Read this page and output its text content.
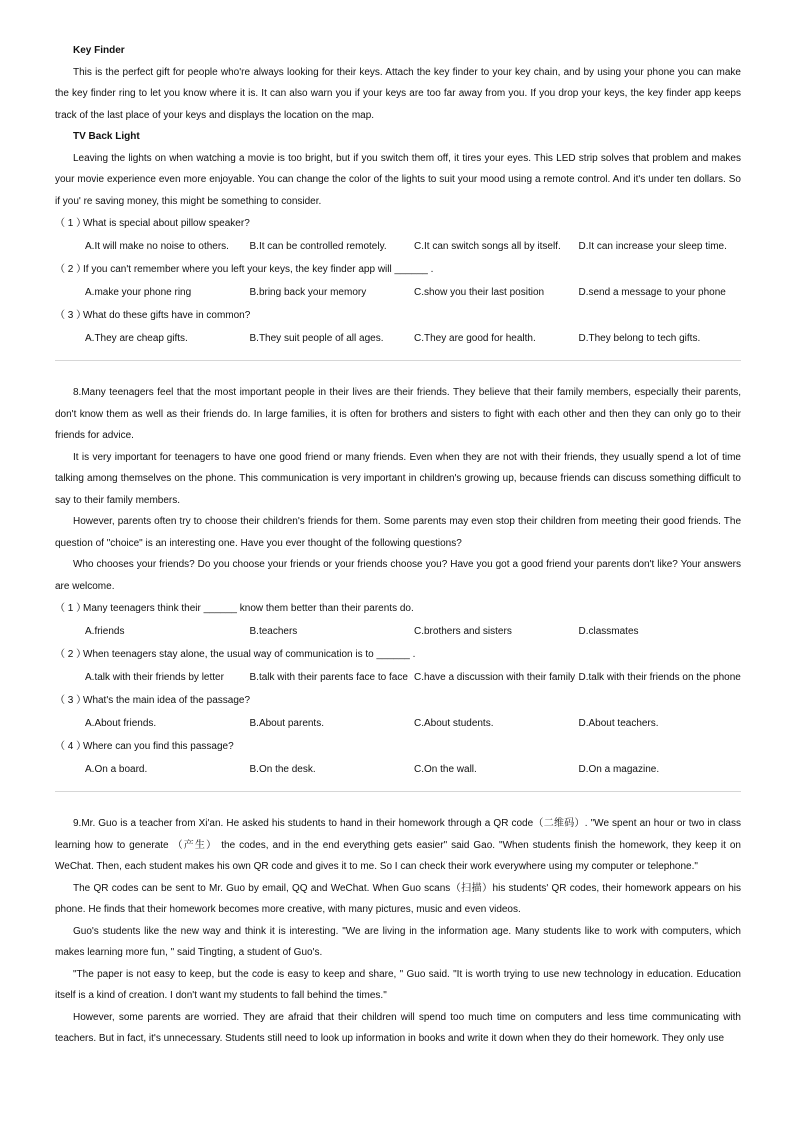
Key Finder

This is the perfect gift for people who're always looking for their keys. Attach the key finder to your key chain, and by using your phone you can make the key finder ring to let you know where it is. It can also warn you if your keys are too far away from you. If you drop your keys, the key finder app keeps track of the last place of your keys and displays the location on the map.

TV Back Light

Leaving the lights on when watching a movie is too bright, but if you switch them off, it tires your eyes. This LED strip solves that problem and makes your movie experience even more enjoyable. You can change the color of the lights to suit your mood using a remote control. And it's under ten dollars. So if you' re saving money, this might be something to consider.

（ 1 ）
What is special about pillow speaker?
A.It will make no noise to others.	B.It can be controlled remotely.	C.It can switch songs all by itself.	D.It can increase your sleep time.
（ 2 ）
If you can't remember where you left your keys, the key finder app will ______ .
A.make your phone ring	B.bring back your memory	C.show you their last position	D.send a message to your phone
（ 3 ）
What do these gifts have in common?
A.They are cheap gifts.	B.They suit people of all ages.	C.They are good for health.	D.They belong to tech gifts.

8.Many teenagers feel that the most important people in their lives are their friends. They believe that their family members, especially their parents, don't know them as well as their friends do. In large families, it is often for brothers and sisters to fight with each other and then they can only go to their friends for advice.

It is very important for teenagers to have one good friend or many friends. Even when they are not with their friends, they usually spend a lot of time talking among themselves on the phone. This communication is very important in children's growing up, because friends can discuss something difficult to say to their family members.

However, parents often try to choose their children's friends for them. Some parents may even stop their children from meeting their good friends. The question of "choice" is an interesting one. Have you ever thought of the following questions?

Who chooses your friends? Do you choose your friends or your friends choose you? Have you got a good friend your parents don't like? Your answers are welcome.

（ 1 ）
Many teenagers think their ______ know them better than their parents do.
A.friends	B.teachers	C.brothers and sisters	D.classmates
（ 2 ）
When teenagers stay alone, the usual way of communication is to ______ .
A.talk with their friends by letter	B.talk with their parents face to face C.have a discussion with their family D.talk with their friends on the phone
（ 3 ）
What's the main idea of the passage?
A.About friends.	B.About parents.	C.About students.	D.About teachers.
（ 4 ）
Where can you find this passage?
A.On a board.	B.On the desk.	C.On the wall.	D.On a magazine.

9.Mr. Guo is a teacher from Xi'an. He asked his students to hand in their homework through a QR code（二维码）. "We spent an hour or two in class learning how to generate （产生） the codes, and in the end everything gets easier" said Gao. "When students finish the homework, they keep it on WeChat. Then, each student makes his own QR code and gives it to me. So I can check their work everywhere using my computer or telephone."

The QR codes can be sent to Mr. Guo by email, QQ and WeChat. When Guo scans（扫描）his students' QR codes, their homework appears on his phone. He finds that their homework becomes more creative, with many pictures, music and even videos.

Guo's students like the new way and think it is interesting. "We are living in the information age. Many students like to work with computers, which makes learning more fun, " said Tingting, a student of Guo's.

"The paper is not easy to keep, but the code is easy to keep and share, " Guo said. "It is worth trying to use new technology in education. Education itself is a kind of creation. I don't want my students to fall behind the times."

However, some parents are worried. They are afraid that their children will spend too much time on computers and less time communicating with teachers. But in fact, it's unnecessary. Students still need to look up information in books and write it down when they do their homework. They only use
